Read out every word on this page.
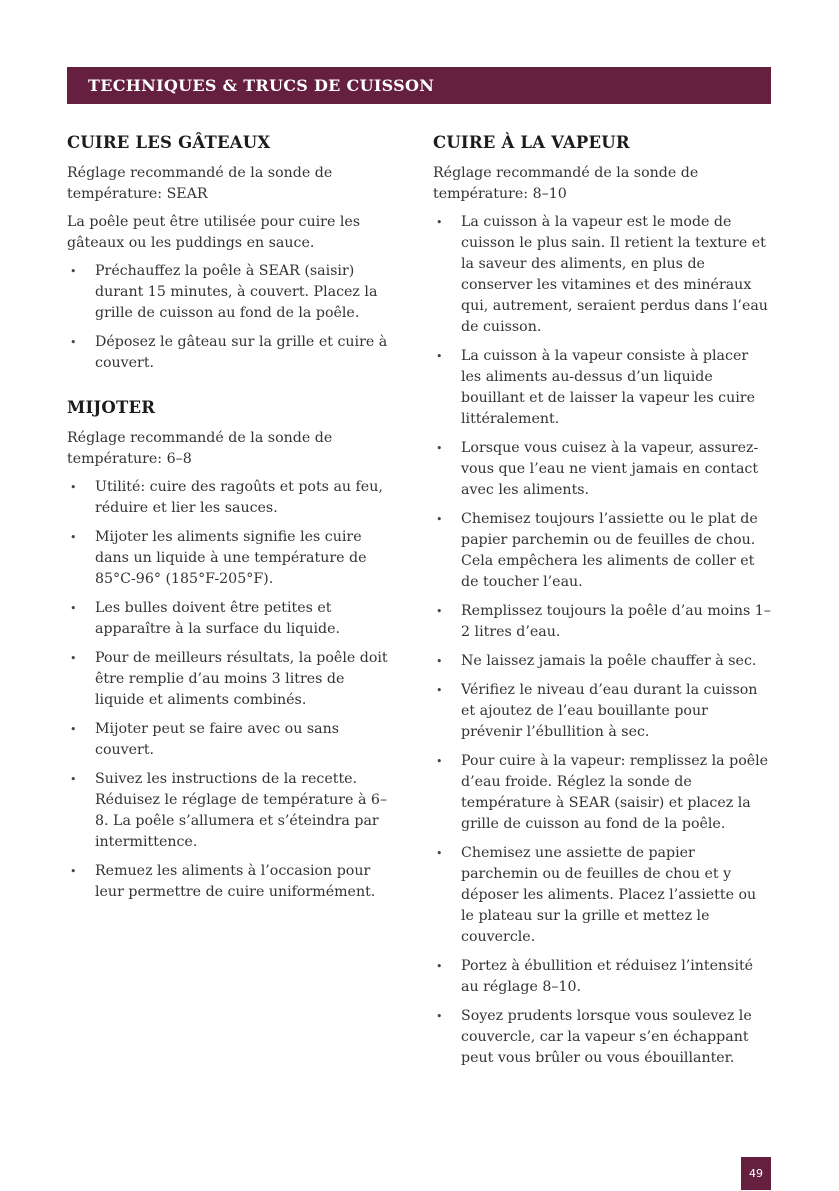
TECHNIQUES & TRUCS DE CUISSON
CUIRE LES GÂTEAUX

Réglage recommandé de la sonde de température: SEAR

La poêle peut être utilisée pour cuire les gâteaux ou les puddings en sauce.

• Préchauffez la poêle à SEAR (saisir) durant 15 minutes, à couvert. Placez la grille de cuisson au fond de la poêle.
• Déposez le gâteau sur la grille et cuire à couvert.
MIJOTER

Réglage recommandé de la sonde de température: 6–8

• Utilité: cuire des ragoûts et pots au feu, réduire et lier les sauces.
• Mijoter les aliments signifie les cuire dans un liquide à une température de 85°C-96° (185°F-205°F).
• Les bulles doivent être petites et apparaître à la surface du liquide.
• Pour de meilleurs résultats, la poêle doit être remplie d’au moins 3 litres de liquide et aliments combinés.
• Mijoter peut se faire avec ou sans couvert.
• Suivez les instructions de la recette. Réduisez le réglage de température à 6–8. La poêle s’allumera et s’éteindra par intermittence.
• Remuez les aliments à l’occasion pour leur permettre de cuire uniformément.
CUIRE À LA VAPEUR

Réglage recommandé de la sonde de température: 8–10

• La cuisson à la vapeur est le mode de cuisson le plus sain. Il retient la texture et la saveur des aliments, en plus de conserver les vitamines et des minéraux qui, autrement, seraient perdus dans l’eau de cuisson.
• La cuisson à la vapeur consiste à placer les aliments au-dessus d’un liquide bouillant et de laisser la vapeur les cuire littéralement.
• Lorsque vous cuisez à la vapeur, assurez-vous que l’eau ne vient jamais en contact avec les aliments.
• Chemisez toujours l’assiette ou le plat de papier parchemin ou de feuilles de chou. Cela empêchera les aliments de coller et de toucher l’eau.
• Remplissez toujours la poêle d’au moins 1–2 litres d’eau.
• Ne laissez jamais la poêle chauffer à sec.
• Vérifiez le niveau d’eau durant la cuisson et ajoutez de l’eau bouillante pour prévenir l’ébullition à sec.
• Pour cuire à la vapeur: remplissez la poêle d’eau froide. Réglez la sonde de température à SEAR (saisir) et placez la grille de cuisson au fond de la poêle.
• Chemisez une assiette de papier parchemin ou de feuilles de chou et y déposer les aliments. Placez l’assiette ou le plateau sur la grille et mettez le couvercle.
• Portez à ébullition et réduisez l’intensité au réglage 8–10.
• Soyez prudents lorsque vous soulevez le couvercle, car la vapeur s’en échappant peut vous brûler ou vous ébouillanter.
49
